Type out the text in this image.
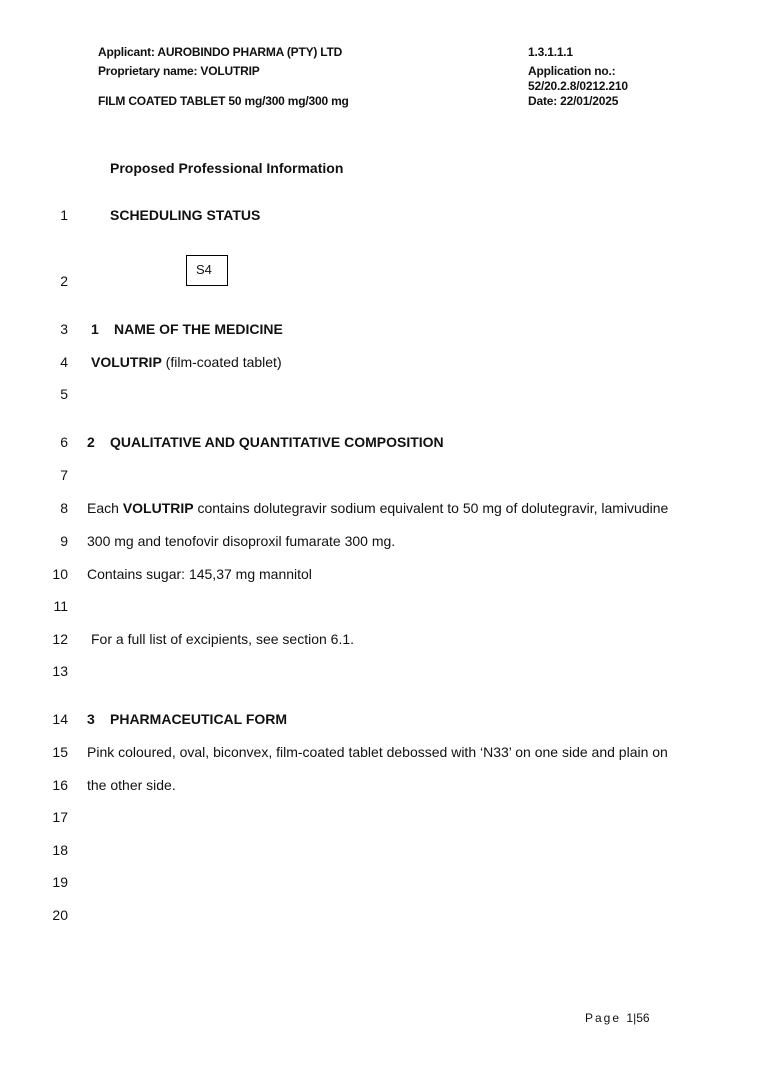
Applicant: AUROBINDO PHARMA (PTY) LTD
Proprietary name: VOLUTRIP
FILM COATED TABLET 50 mg/300 mg/300 mg
1.3.1.1.1
Application no.:
52/20.2.8/0212.210
Date: 22/01/2025
Proposed Professional Information
1
2
3
4
5
6
7
8
9
10
11
12
13
14
15
16
17
18
19
20
SCHEDULING STATUS
S4
1 NAME OF THE MEDICINE
VOLUTRIP (film-coated tablet)
2 QUALITATIVE AND QUANTITATIVE COMPOSITION
Each VOLUTRIP contains dolutegravir sodium equivalent to 50 mg of dolutegravir, lamivudine
300 mg and tenofovir disoproxil fumarate 300 mg.
Contains sugar: 145,37 mg mannitol
For a full list of excipients, see section 6.1.
3 PHARMACEUTICAL FORM
Pink coloured, oval, biconvex, film-coated tablet debossed with ‘N33’ on one side and plain on
the other side.
Page 1|56
